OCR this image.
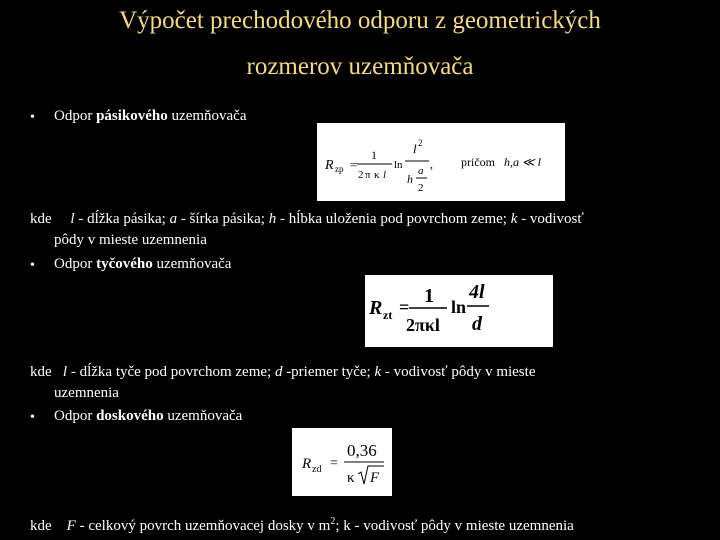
Výpočet prechodového odporu z geometrických
rozmerov uzemňovača
• Odpor pásikového uzemňovača
R zp =
1
2 π κ l
ln
l 2
h
a
2
, pričom h,a ≪ l
kde l - dĺžka pásika; a - šírka pásika; h - hĺbka uloženia pod povrchom zeme; k - vodivosť
pôdy v mieste uzemnenia
• Odpor tyčového uzemňovača
R zt = 1
2πκl
ln
4l
d
kde l - dĺžka tyče pod povrchom zeme; d -priemer tyče; k - vodivosť pôdy v mieste
uzemnenia
• Odpor doskového uzemňovača
R zd =
0,36
κ F
kde F - celkový povrch uzemňovacej dosky v $m^2$; k - vodivosť pôdy v mieste uzemnenia
